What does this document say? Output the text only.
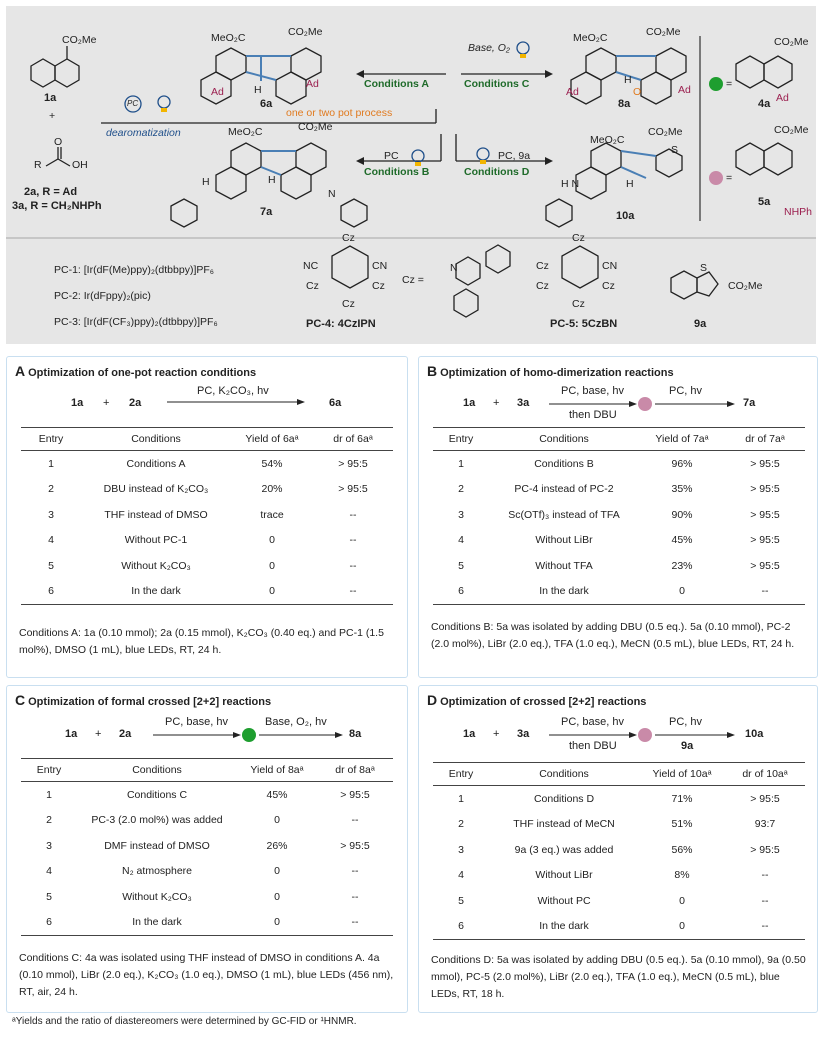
CO₂Me
1a
+
O
R	OH
2a, R = Ad
3a, R = CH₂NHPh
PC
dearomatization
one or two pot process
Conditions A	Conditions C
Conditions B	Conditions D
Base, O₂
PC	PC, 9a
MeO₂C	CO₂Me
H
Ad
Ad
6a
MeO₂C	CO₂Me
H
O
Ad	Ad
8a
MeO₂C	CO₂Me
H
H
N
7a
MeO₂C
CO₂Me
H
S
H N
10a
=
CO₂Me
Ad
4a
=
CO₂Me
NHPh
5a
PC-1: [Ir(dF(Me)ppy)₂(dtbbpy)]PF₆
PC-2: Ir(dFppy)₂(pic)
PC-3: [Ir(dF(CF₃)ppy)₂(dtbbpy)]PF₆
Cz
NC	CN
Cz	Cz
Cz
PC-4: 4CzIPN
Cz =
N
Cz
Cz	CN
Cz	Cz
Cz
PC-5: 5CzBN
S
CO₂Me
9a
A Optimization of one-pot reaction conditions
1a + 2a
PC, K₂CO₃, hv
6a
Entry	Conditions	Yield of 6aᵃ	dr of 6aᵃ
1	Conditions A	54%	> 95:5
2	DBU instead of K₂CO₃	20%	> 95:5
3	THF instead of DMSO	trace	--
4	Without PC-1	0	--
5	Without K₂CO₃	0	--
6	In the dark	0	--
Conditions A: 1a (0.10 mmol); 2a (0.15 mmol), K₂CO₃ (0.40 eq.) and PC-1 (1.5 mol%), DMSO (1 mL), blue LEDs, RT, 24 h.
B Optimization of homo-dimerization reactions
1a + 3a
PC, base, hv
then DBU
PC, hv
7a
Entry	Conditions	Yield of 7aᵃ	dr of 7aᵃ
1	Conditions B	96%	> 95:5
2	PC-4 instead of PC-2	35%	> 95:5
3	Sc(OTf)₃ instead of TFA	90%	> 95:5
4	Without LiBr	45%	> 95:5
5	Without TFA	23%	> 95:5
6	In the dark	0	--
Conditions B: 5a was isolated by adding DBU (0.5 eq.). 5a (0.10 mmol), PC-2 (2.0 mol%), LiBr (2.0 eq.), TFA (1.0 eq.), MeCN (0.5 mL), blue LEDs, RT, 24 h.
C Optimization of formal crossed [2+2] reactions
1a + 2a
PC, base, hv	Base, O₂, hv
8a
Entry	Conditions	Yield of 8aᵃ	dr of 8aᵃ
1	Conditions C	45%	> 95:5
2	PC-3 (2.0 mol%) was added	0	--
3	DMF instead of DMSO	26%	> 95:5
4	N₂ atmosphere	0	--
5	Without K₂CO₃	0	--
6	In the dark	0	--
Conditions C: 4a was isolated using THF instead of DMSO in conditions A. 4a (0.10 mmol), LiBr (2.0 eq.), K₂CO₃ (1.0 eq.), DMSO (1 mL), blue LEDs (456 nm), RT, air, 24 h.
D Optimization of crossed [2+2] reactions
1a + 3a
PC, base, hv
then DBU
PC, hv
9a
10a
Entry	Conditions	Yield of 10aᵃ	dr of 10aᵃ
1	Conditions D	71%	> 95:5
2	THF instead of MeCN	51%	93:7
3	9a (3 eq.) was added	56%	> 95:5
4	Without LiBr	8%	--
5	Without PC	0	--
6	In the dark	0	--
Conditions D: 5a was isolated by adding DBU (0.5 eq.). 5a (0.10 mmol), 9a (0.50 mmol), PC-5 (2.0 mol%), LiBr (2.0 eq.), TFA (1.0 eq.), MeCN (0.5 mL), blue LEDs, RT, 18 h.
ᵃYields and the ratio of diastereomers were determined by GC-FID or ¹HNMR.
